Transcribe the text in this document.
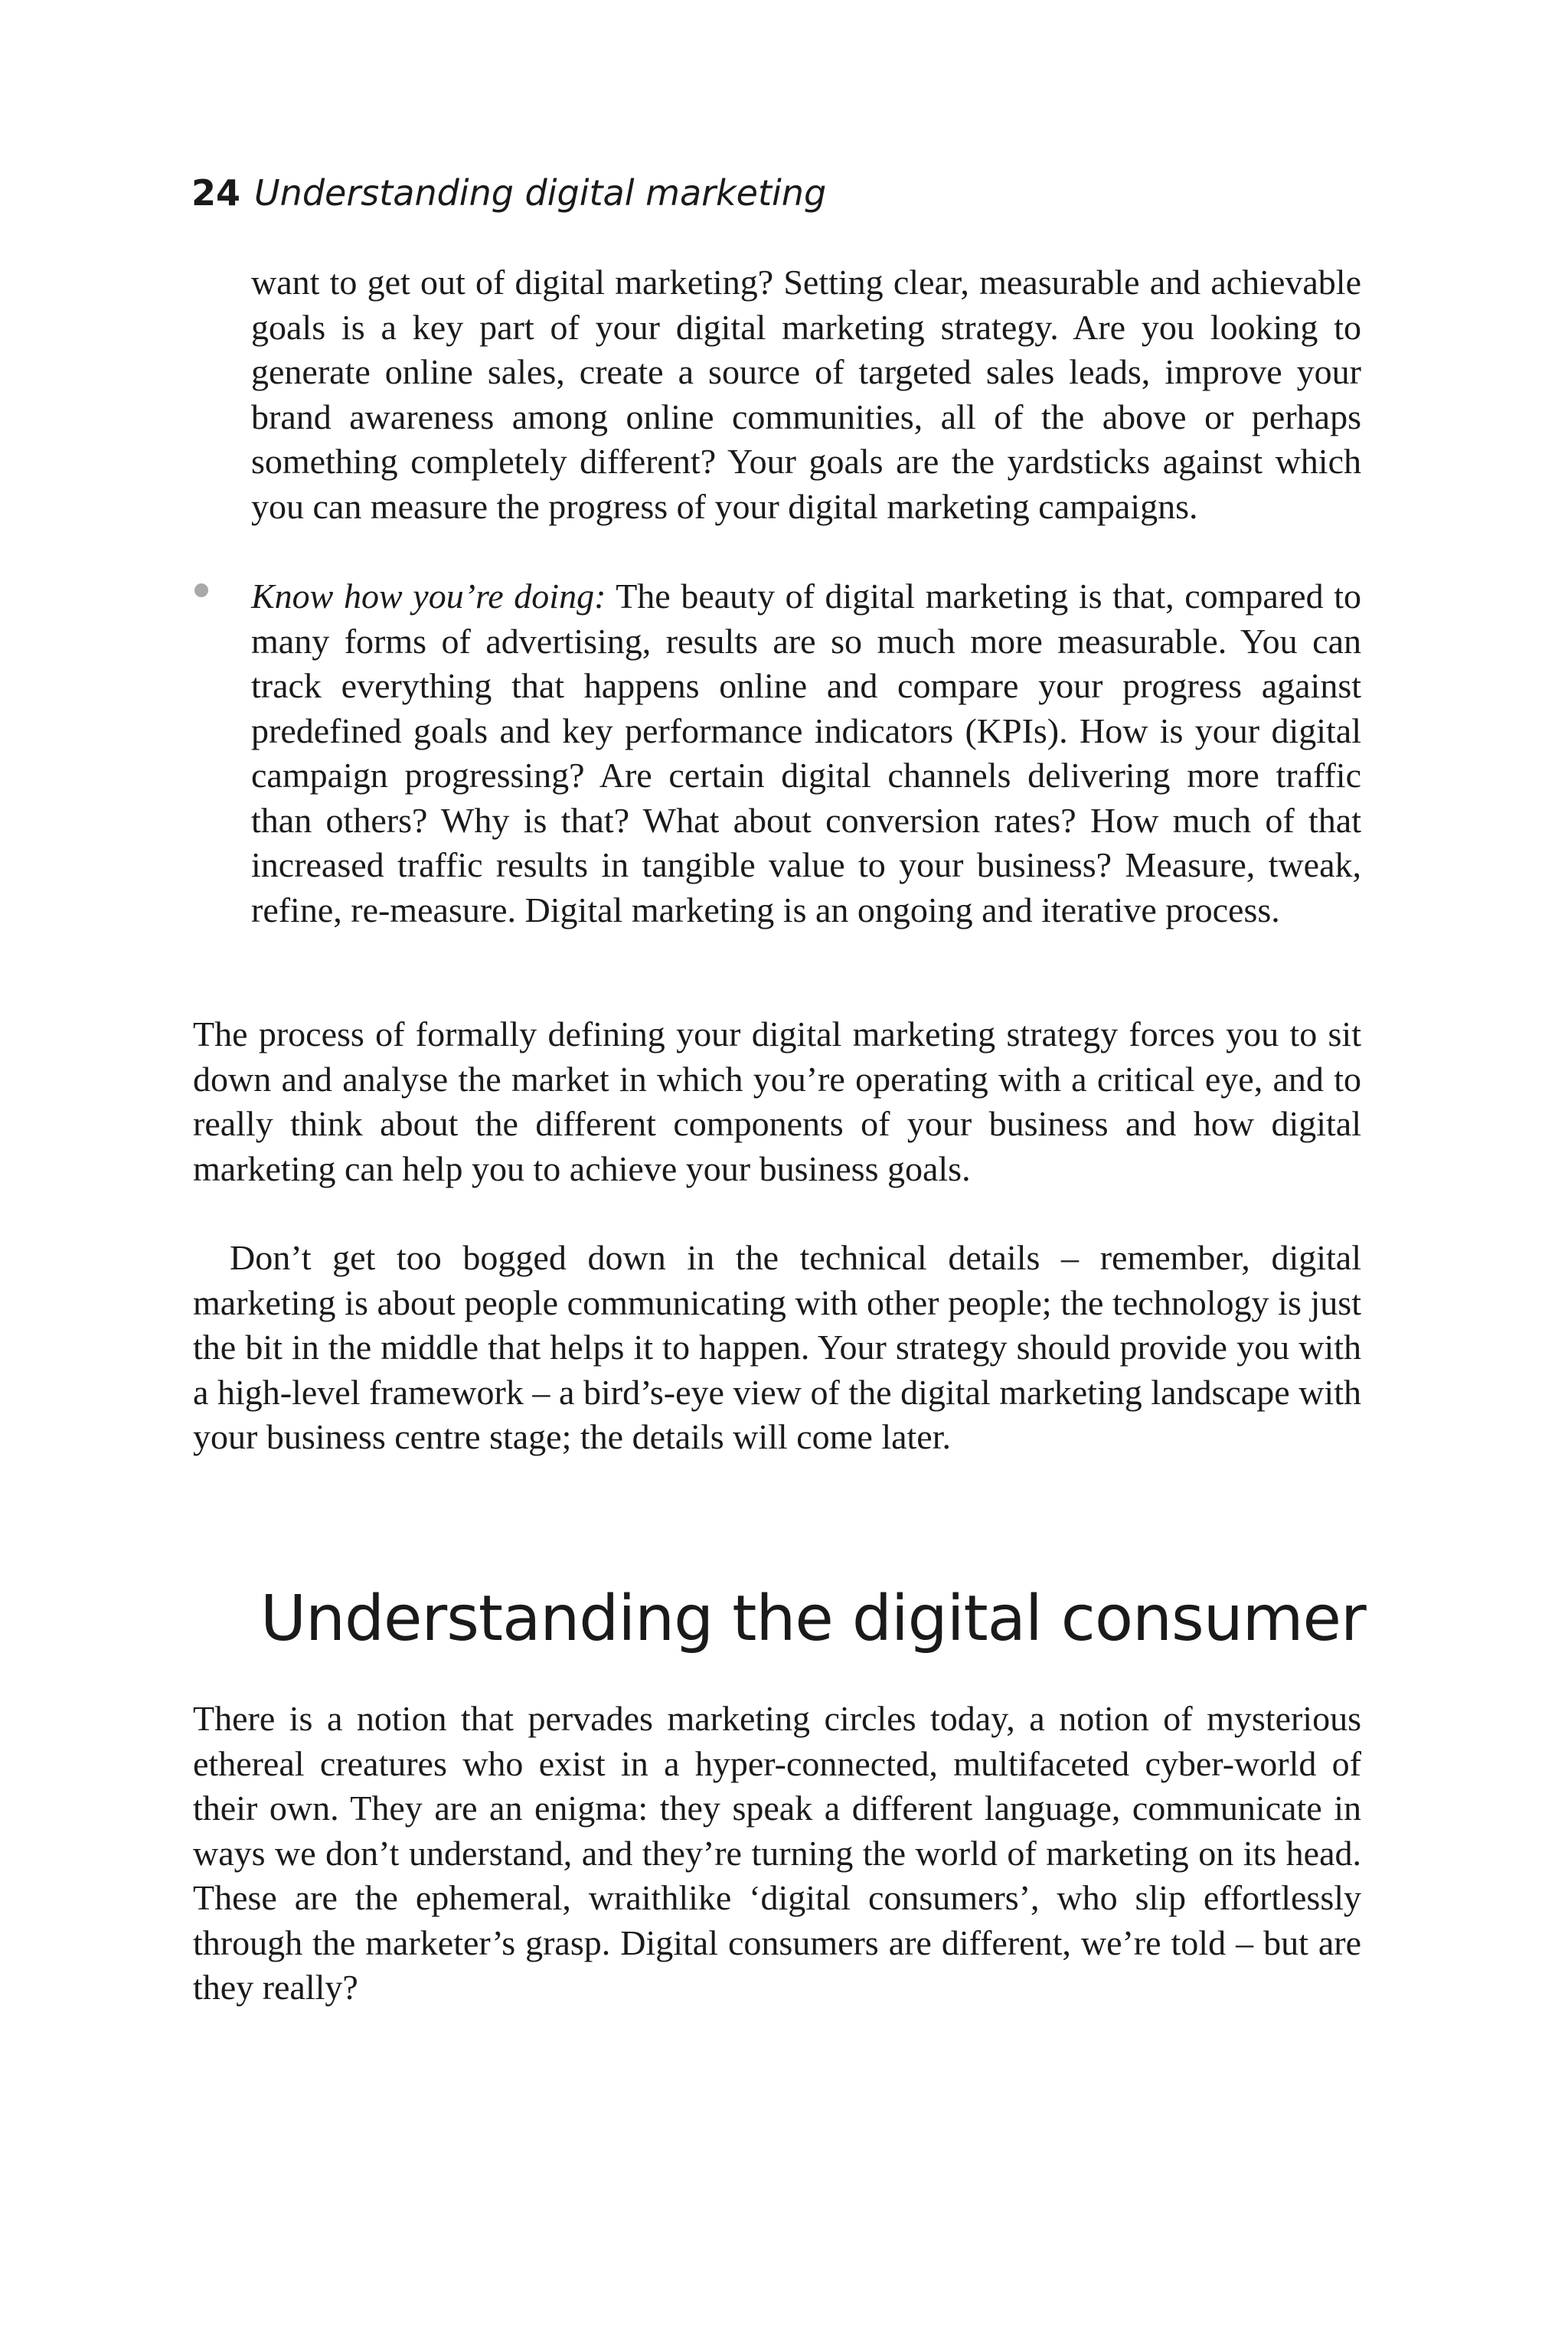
24 Understanding digital marketing

want to get out of digital marketing? Setting clear, measurable and achievable goals is a key part of your digital marketing strategy. Are you looking to generate online sales, create a source of targeted sales leads, improve your brand awareness among online communities, all of the above or perhaps something completely different? Your goals are the yardsticks against which you can measure the progress of your digital marketing campaigns.

Know how you’re doing: The beauty of digital marketing is that, compared to many forms of advertising, results are so much more measurable. You can track everything that happens online and compare your progress against predefined goals and key performance indicators (KPIs). How is your digital campaign progressing? Are certain digital channels delivering more traffic than others? Why is that? What about conversion rates? How much of that increased traffic results in tangible value to your business? Measure, tweak, refine, re-measure. Digital marketing is an ongoing and iterative process.

The process of formally defining your digital marketing strategy forces you to sit down and analyse the market in which you’re operating with a critical eye, and to really think about the different components of your business and how digital marketing can help you to achieve your business goals.

Don’t get too bogged down in the technical details – remember, digital marketing is about people communicating with other people; the technology is just the bit in the middle that helps it to happen. Your strategy should provide you with a high-level framework – a bird’s-eye view of the digital marketing landscape with your business centre stage; the details will come later.

Understanding the digital consumer

There is a notion that pervades marketing circles today, a notion of mysterious ethereal creatures who exist in a hyper-connected, multifaceted cyber-world of their own. They are an enigma: they speak a different language, communicate in ways we don’t understand, and they’re turning the world of marketing on its head. These are the ephemeral, wraithlike ‘digital consumers’, who slip effortlessly through the marketer’s grasp. Digital consumers are different, we’re told – but are they really?
